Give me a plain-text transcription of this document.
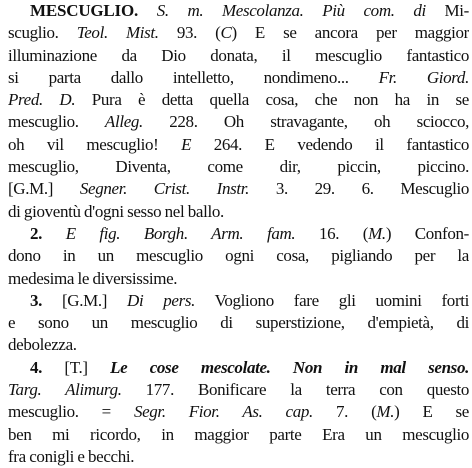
MESCUGLIO. S. m. Mescolanza. Più com. di Mi-
scuglio. Teol. Mist. 93. (C) E se ancora per maggior
illuminazione da Dio donata, il mescuglio fantastico
si parta dallo intelletto, nondimeno... Fr. Giord.
Pred. D. Pura è detta quella cosa, che non ha in se
mescuglio. Alleg. 228. Oh stravagante, oh sciocco,
oh vil mescuglio! E 264. E vedendo il fantastico
mescuglio, Diventa, come dir, piccin, piccino.
[G.M.] Segner. Crist. Instr. 3. 29. 6. Mescuglio
di gioventù d'ogni sesso nel ballo.
2. E fig. Borgh. Arm. fam. 16. (M.) Confon-
dono in un mescuglio ogni cosa, pigliando per la
medesima le diversissime.
3. [G.M.] Di pers. Vogliono fare gli uomini forti
e sono un mescuglio di superstizione, d'empietà, di
debolezza.
4. [T.] Le cose mescolate. Non in mal senso.
Targ. Alimurg. 177. Bonificare la terra con questo
mescuglio. = Segr. Fior. As. cap. 7. (M.) E se
ben mi ricordo, in maggior parte Era un mescuglio
fra conigli e becchi.
